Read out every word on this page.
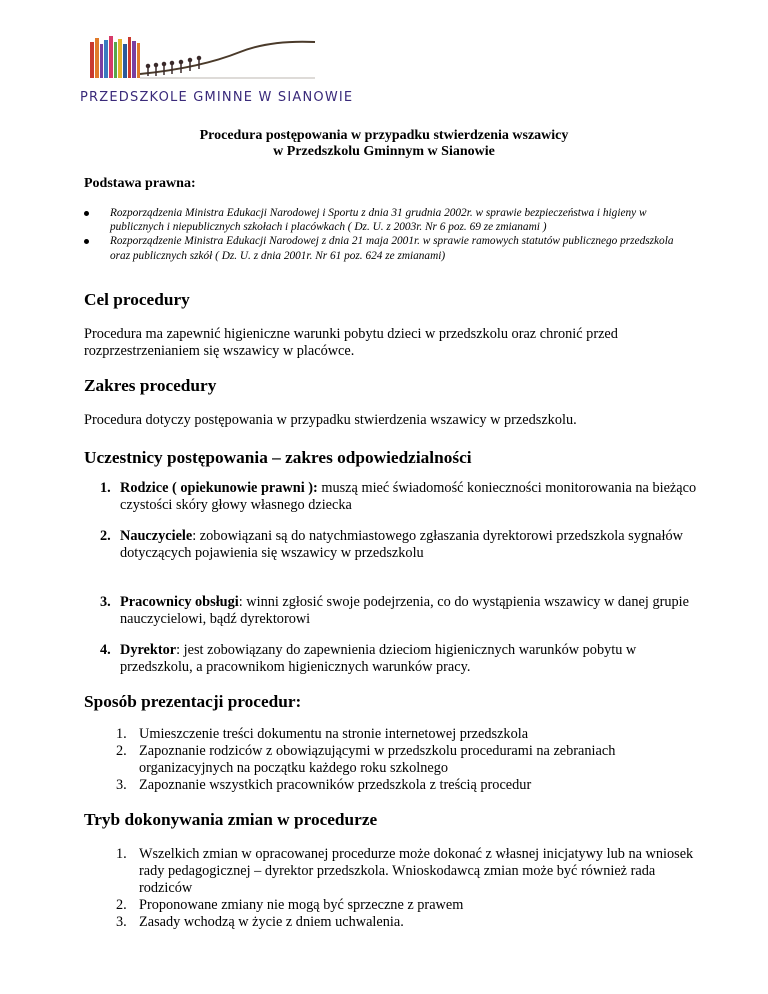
PRZEDSZKOLE GMINNE W SIANOWIE
Procedura postępowania w przypadku stwierdzenia wszawicy
w Przedszkolu Gminnym w Sianowie
Podstawa prawna:
Rozporządzenia Ministra Edukacji Narodowej i Sportu z dnia 31 grudnia 2002r. w sprawie bezpieczeństwa i higieny w publicznych i niepublicznych szkołach i placówkach ( Dz. U. z 2003r. Nr 6 poz. 69 ze zmianami )
Rozporządzenie Ministra Edukacji Narodowej z dnia 21 maja 2001r. w sprawie ramowych statutów publicznego przedszkola oraz publicznych szkół ( Dz. U. z dnia 2001r. Nr 61 poz. 624 ze zmianami)
Cel procedury

Procedura ma zapewnić higieniczne warunki pobytu dzieci w przedszkolu oraz chronić przed rozprzestrzenianiem się wszawicy w placówce.

Zakres procedury

Procedura dotyczy postępowania w przypadku stwierdzenia wszawicy w przedszkolu.

Uczestnicy postępowania – zakres odpowiedzialności
1. Rodzice ( opiekunowie prawni ): muszą mieć świadomość konieczności monitorowania na bieżąco czystości skóry głowy własnego dziecka
2. Nauczyciele: zobowiązani są do natychmiastowego zgłaszania dyrektorowi przedszkola sygnałów dotyczących pojawienia się wszawicy w przedszkolu
3. Pracownicy obsługi: winni zgłosić swoje podejrzenia, co do wystąpienia wszawicy w danej grupie nauczycielowi, bądź dyrektorowi
4. Dyrektor: jest zobowiązany do zapewnienia dzieciom higienicznych warunków pobytu w przedszkolu, a pracownikom higienicznych warunków pracy.
Sposób prezentacji procedur:
1. Umieszczenie treści dokumentu na stronie internetowej przedszkola
2. Zapoznanie rodziców z obowiązującymi w przedszkolu procedurami na zebraniach organizacyjnych na początku każdego roku szkolnego
3. Zapoznanie wszystkich pracowników przedszkola z treścią procedur
Tryb dokonywania zmian w procedurze
1. Wszelkich zmian w opracowanej procedurze może dokonać z własnej inicjatywy lub na wniosek rady pedagogicznej – dyrektor przedszkola. Wnioskodawcą zmian może być również rada rodziców
2. Proponowane zmiany nie mogą być sprzeczne z prawem
3. Zasady wchodzą w życie z dniem uchwalenia.
